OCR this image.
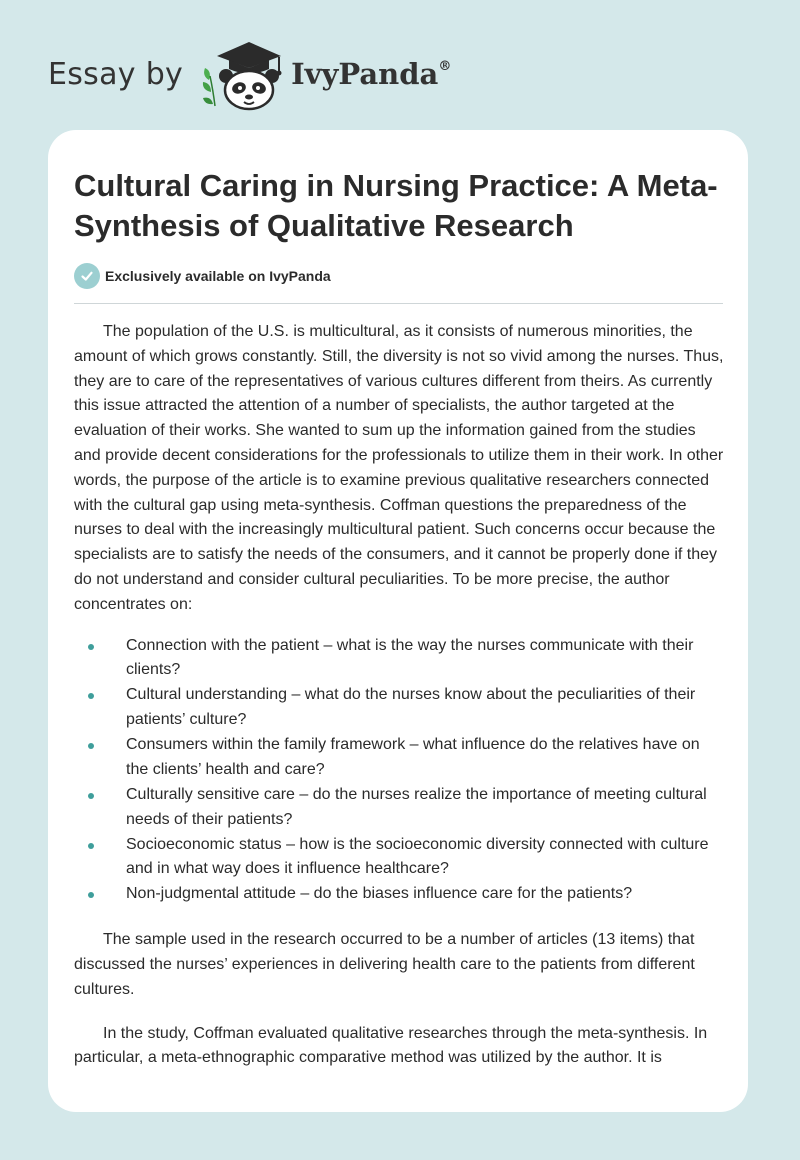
Essay by	IvyPanda®
Cultural Caring in Nursing Practice: A Meta-Synthesis of Qualitative Research
Exclusively available on IvyPanda

The population of the U.S. is multicultural, as it consists of numerous minorities, the amount of which grows constantly. Still, the diversity is not so vivid among the nurses. Thus, they are to care of the representatives of various cultures different from theirs. As currently this issue attracted the attention of a number of specialists, the author targeted at the evaluation of their works. She wanted to sum up the information gained from the studies and provide decent considerations for the professionals to utilize them in their work. In other words, the purpose of the article is to examine previous qualitative researchers connected with the cultural gap using meta-synthesis. Coffman questions the preparedness of the nurses to deal with the increasingly multicultural patient. Such concerns occur because the specialists are to satisfy the needs of the consumers, and it cannot be properly done if they do not understand and consider cultural peculiarities. To be more precise, the author concentrates on:

Connection with the patient – what is the way the nurses communicate with their clients?
Cultural understanding – what do the nurses know about the peculiarities of their patients’ culture?
Consumers within the family framework – what influence do the relatives have on the clients’ health and care?
Culturally sensitive care – do the nurses realize the importance of meeting cultural needs of their patients?
Socioeconomic status – how is the socioeconomic diversity connected with culture and in what way does it influence healthcare?
Non-judgmental attitude – do the biases influence care for the patients?

The sample used in the research occurred to be a number of articles (13 items) that discussed the nurses’ experiences in delivering health care to the patients from different cultures.

In the study, Coffman evaluated qualitative researches through the meta-synthesis. In particular, a meta-ethnographic comparative method was utilized by the author. It is
